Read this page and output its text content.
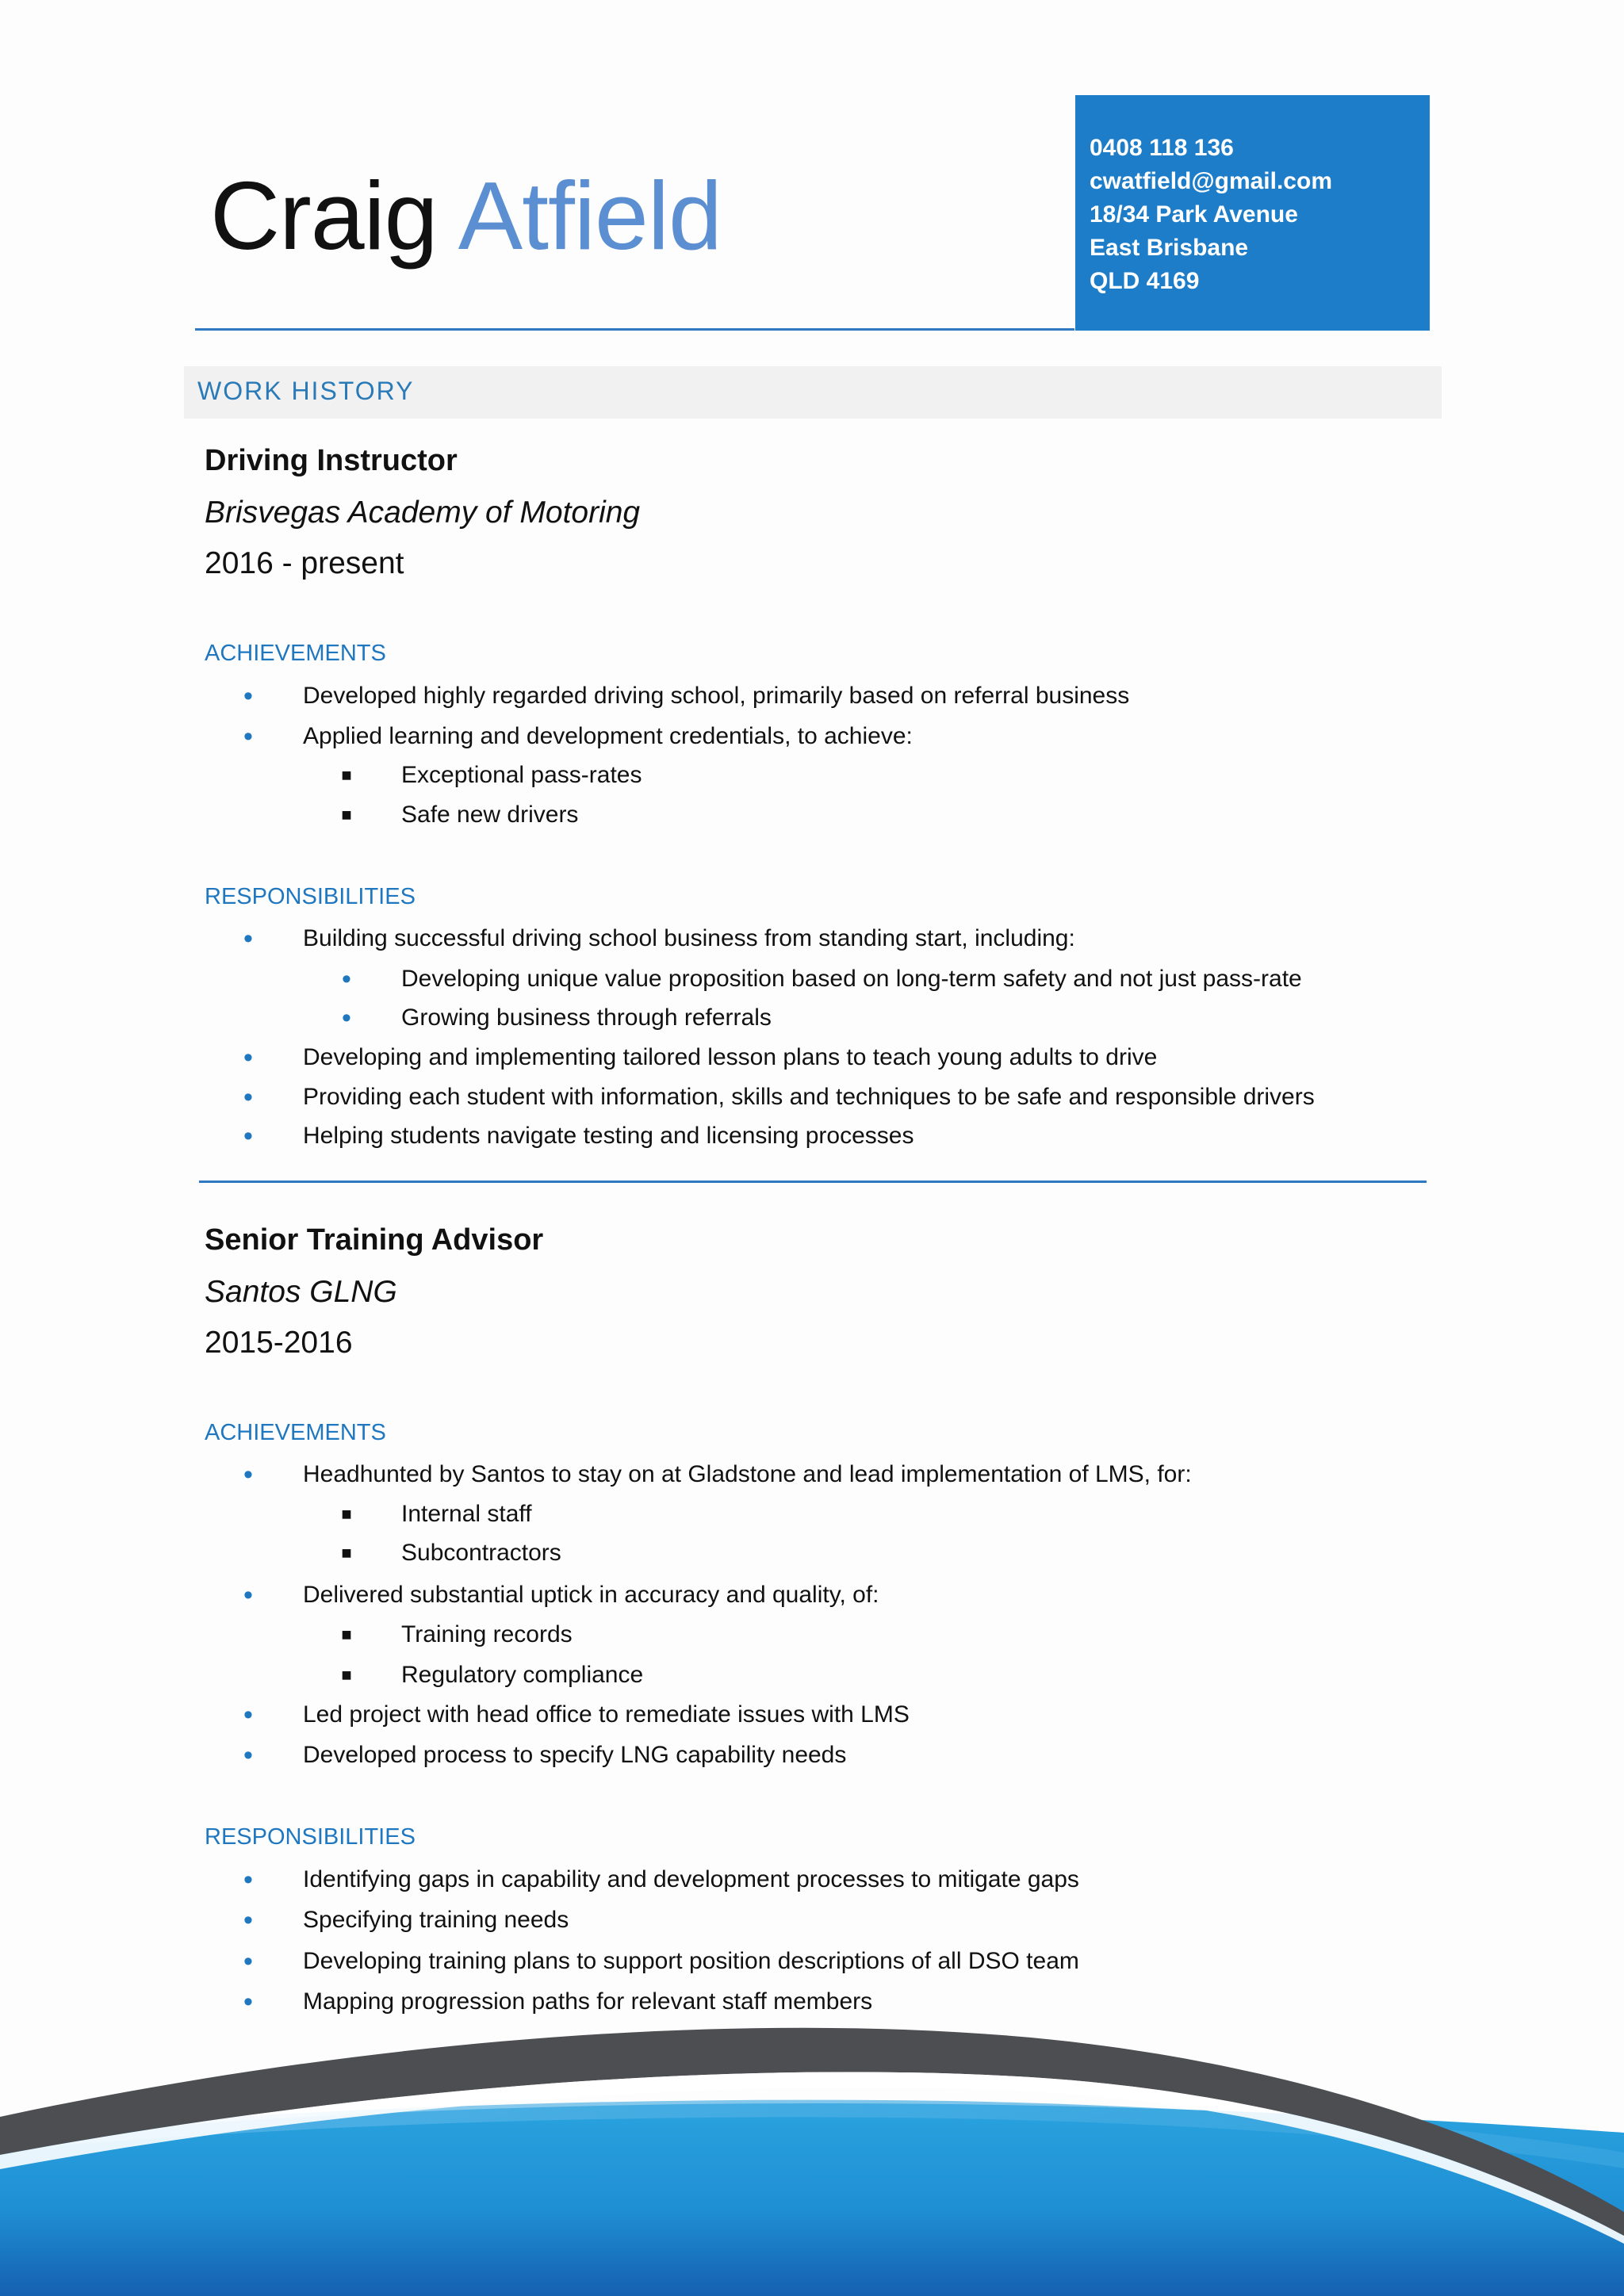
Craig Atfield
0408 118 136
cwatfield@gmail.com
18/34 Park Avenue
East Brisbane
QLD 4169
WORK HISTORY
Driving Instructor
Brisvegas Academy of Motoring
2016 - present
ACHIEVEMENTS
•	Developed highly regarded driving school, primarily based on referral business
•	Applied learning and development credentials, to achieve:
■	Exceptional pass-rates
■	Safe new drivers
RESPONSIBILITIES
•	Building successful driving school business from standing start, including:
•	Developing unique value proposition based on long-term safety and not just pass-rate
•	Growing business through referrals
•	Developing and implementing tailored lesson plans to teach young adults to drive
•	Providing each student with information, skills and techniques to be safe and responsible drivers
•	Helping students navigate testing and licensing processes
Senior Training Advisor
Santos GLNG
2015-2016
ACHIEVEMENTS
•	Headhunted by Santos to stay on at Gladstone and lead implementation of LMS, for:
■	Internal staff
■	Subcontractors
•	Delivered substantial uptick in accuracy and quality, of:
■	Training records
■	Regulatory compliance
•	Led project with head office to remediate issues with LMS
•	Developed process to specify LNG capability needs
RESPONSIBILITIES
•	Identifying gaps in capability and development processes to mitigate gaps
•	Specifying training needs
•	Developing training plans to support position descriptions of all DSO team
•	Mapping progression paths for relevant staff members
